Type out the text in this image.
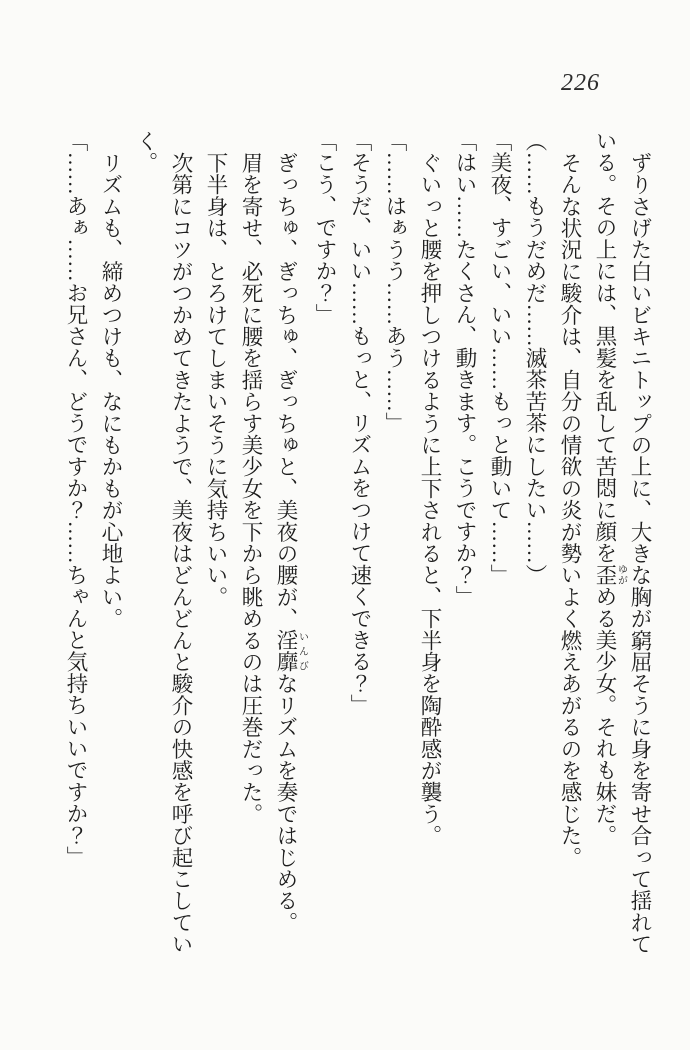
226

ずりさげた白いビキニトップの上に、大きな胸が窮屈そうに身を寄せ合って揺れている。その上には、黒髪を乱して苦悶に顔を歪ゆがめる美少女。それも妹だ。

そんな状況に駿介は、自分の情欲の炎が勢いよく燃えあがるのを感じた。

（……もうだめだ……滅茶苦茶にしたい……）

「美夜、すごい、いい……もっと動いて……」

「はい……たくさん、動きます。こうですか？」

ぐいっと腰を押しつけるように上下されると、下半身を陶酔感が襲う。

「……はぁうう……あう……」

「そうだ、いい……もっと、リズムをつけて速くできる？」

「こう、ですか？」

ぎっちゅ、ぎっちゅ、ぎっちゅと、美夜の腰が、淫靡いんびなリズムを奏ではじめる。

眉を寄せ、必死に腰を揺らす美少女を下から眺めるのは圧巻だった。

下半身は、とろけてしまいそうに気持ちいい。

次第にコツがつかめてきたようで、美夜はどんどんと駿介の快感を呼び起こしていく。

リズムも、締めつけも、なにもかもが心地よい。

「……あぁ……お兄さん、どうですか？……ちゃんと気持ちいいですか？」
